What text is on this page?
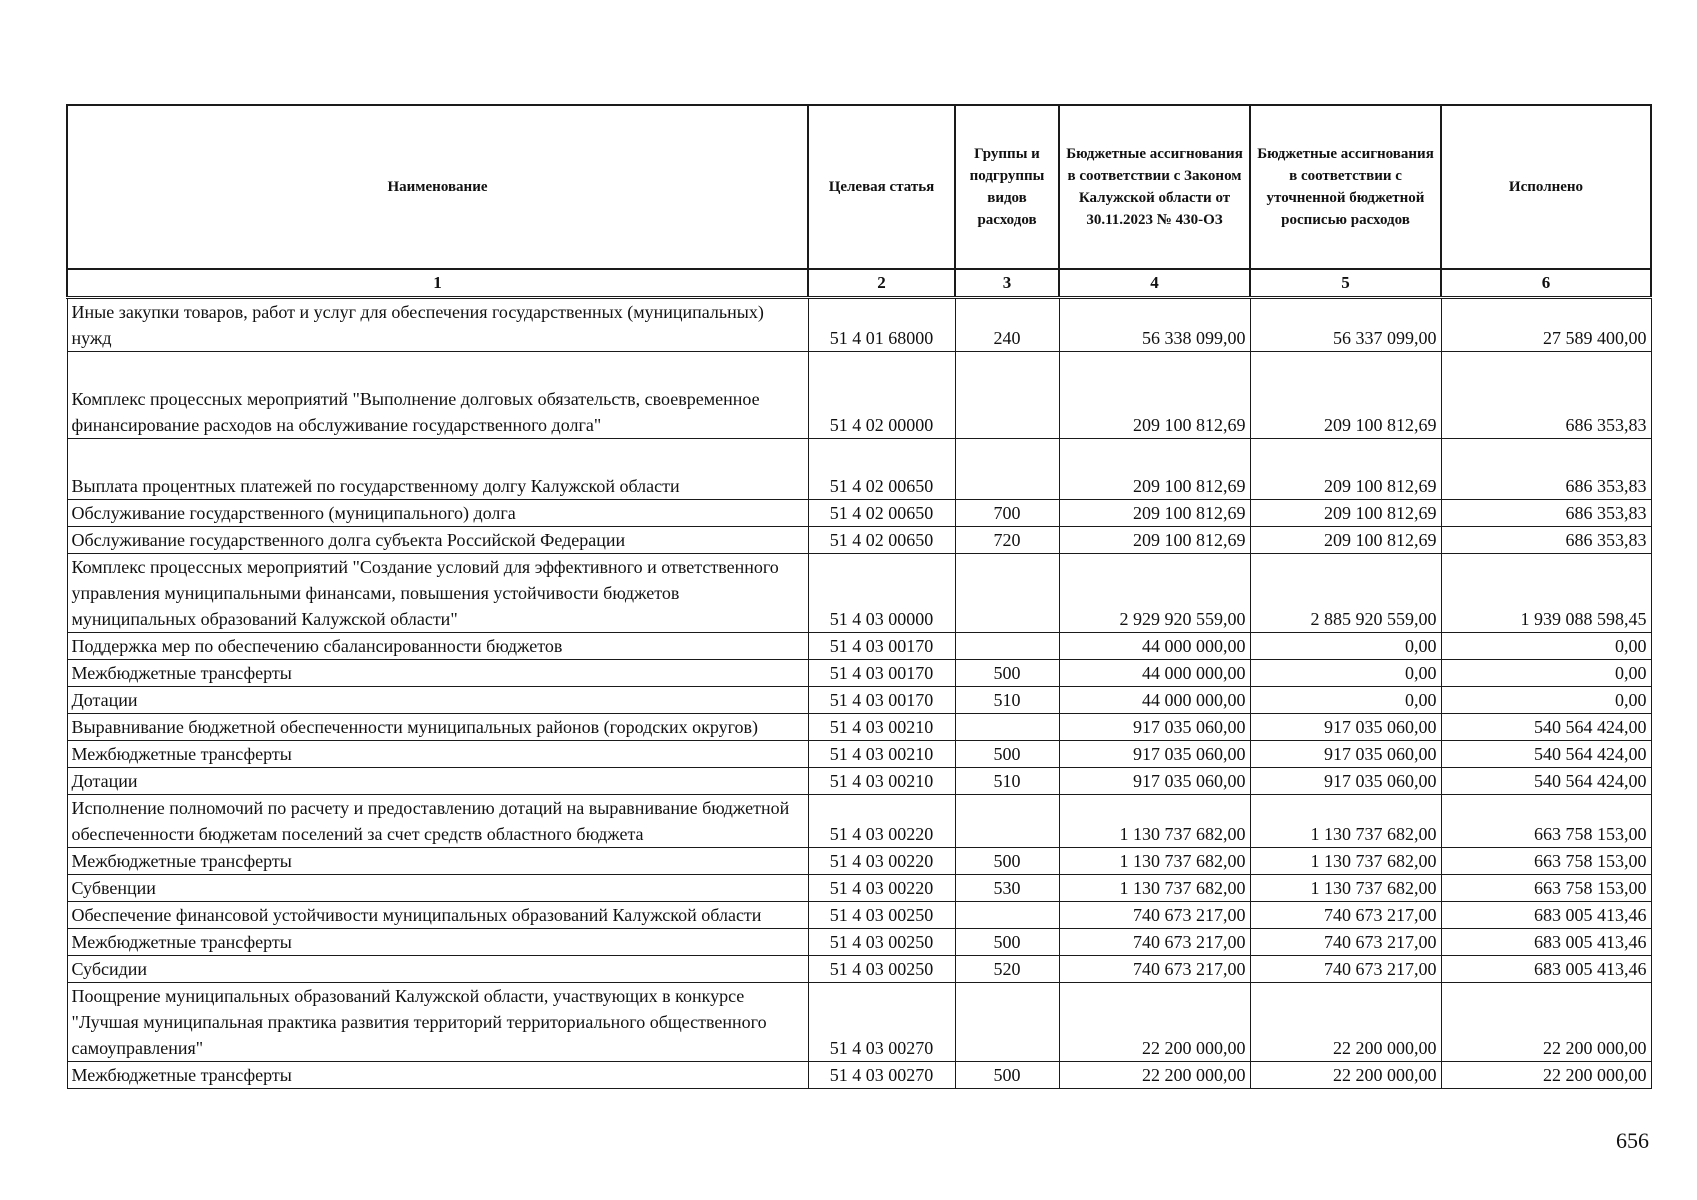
Наименование	Целевая статья	Группы и подгруппы видов расходов	Бюджетные ассигнования в соответствии с Законом Калужской области от 30.11.2023 № 430-ОЗ	Бюджетные ассигнования в соответствии с уточненной бюджетной росписью расходов	Исполнено
1	2	3	4	5	6
Иные закупки товаров, работ и услуг для обеспечения государственных (муниципальных) нужд	51 4 01 68000	240	56 338 099,00	56 337 099,00	27 589 400,00
Комплекс процессных мероприятий "Выполнение долговых обязательств, своевременное финансирование расходов на обслуживание государственного долга"	51 4 02 00000		209 100 812,69	209 100 812,69	686 353,83
Выплата процентных платежей по государственному долгу Калужской области	51 4 02 00650		209 100 812,69	209 100 812,69	686 353,83
Обслуживание государственного (муниципального) долга	51 4 02 00650	700	209 100 812,69	209 100 812,69	686 353,83
Обслуживание государственного долга субъекта Российской Федерации	51 4 02 00650	720	209 100 812,69	209 100 812,69	686 353,83
Комплекс процессных мероприятий "Создание условий для эффективного и ответственного управления муниципальными финансами, повышения устойчивости бюджетов муниципальных образований Калужской области"	51 4 03 00000		2 929 920 559,00	2 885 920 559,00	1 939 088 598,45
Поддержка мер по обеспечению сбалансированности бюджетов	51 4 03 00170		44 000 000,00	0,00	0,00
Межбюджетные трансферты	51 4 03 00170	500	44 000 000,00	0,00	0,00
Дотации	51 4 03 00170	510	44 000 000,00	0,00	0,00
Выравнивание бюджетной обеспеченности муниципальных районов (городских округов)	51 4 03 00210		917 035 060,00	917 035 060,00	540 564 424,00
Межбюджетные трансферты	51 4 03 00210	500	917 035 060,00	917 035 060,00	540 564 424,00
Дотации	51 4 03 00210	510	917 035 060,00	917 035 060,00	540 564 424,00
Исполнение полномочий по расчету и предоставлению дотаций на выравнивание бюджетной обеспеченности бюджетам поселений за счет средств областного бюджета	51 4 03 00220		1 130 737 682,00	1 130 737 682,00	663 758 153,00
Межбюджетные трансферты	51 4 03 00220	500	1 130 737 682,00	1 130 737 682,00	663 758 153,00
Субвенции	51 4 03 00220	530	1 130 737 682,00	1 130 737 682,00	663 758 153,00
Обеспечение финансовой устойчивости муниципальных образований Калужской области	51 4 03 00250		740 673 217,00	740 673 217,00	683 005 413,46
Межбюджетные трансферты	51 4 03 00250	500	740 673 217,00	740 673 217,00	683 005 413,46
Субсидии	51 4 03 00250	520	740 673 217,00	740 673 217,00	683 005 413,46
Поощрение муниципальных образований Калужской области, участвующих в конкурсе "Лучшая муниципальная практика развития территорий территориального общественного самоуправления"	51 4 03 00270		22 200 000,00	22 200 000,00	22 200 000,00
Межбюджетные трансферты	51 4 03 00270	500	22 200 000,00	22 200 000,00	22 200 000,00
656
